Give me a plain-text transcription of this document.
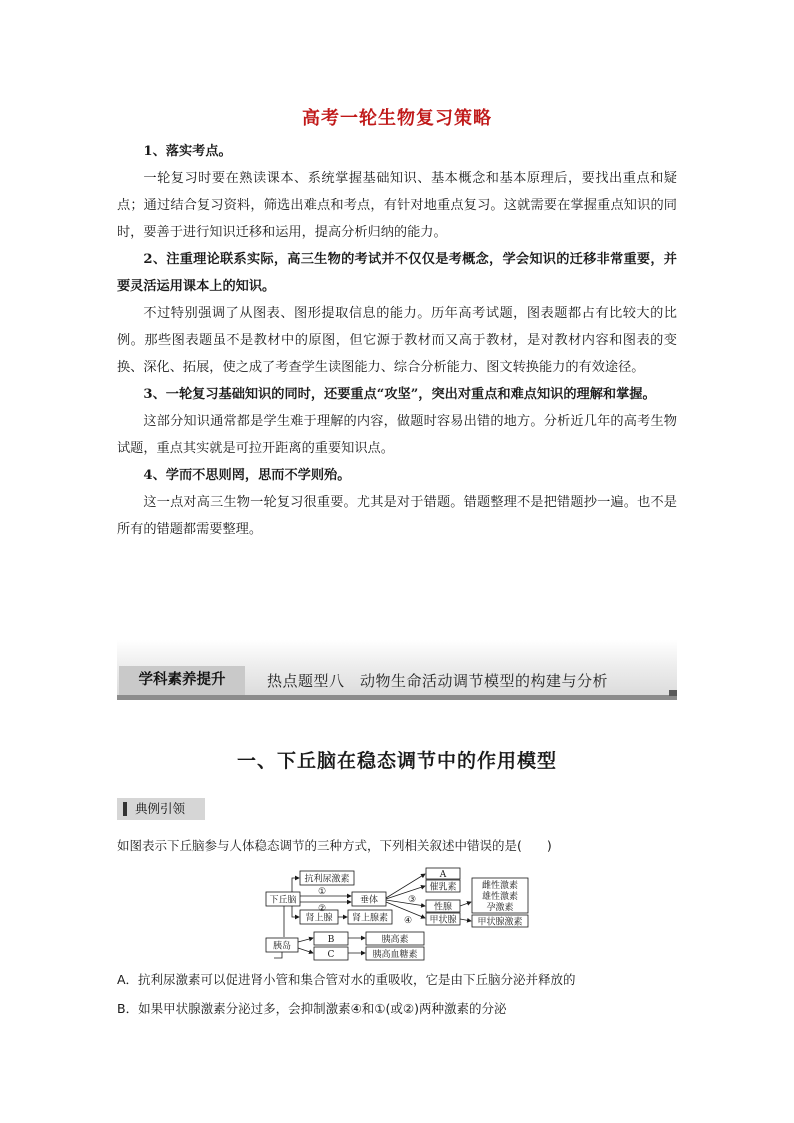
高考一轮生物复习策略

1、落实考点。

一轮复习时要在熟读课本、系统掌握基础知识、基本概念和基本原理后，要找出重点和疑点；通过结合复习资料，筛选出难点和考点，有针对地重点复习。这就需要在掌握重点知识的同时，要善于进行知识迁移和运用，提高分析归纳的能力。

2、注重理论联系实际，高三生物的考试并不仅仅是考概念，学会知识的迁移非常重要，并要灵活运用课本上的知识。

不过特别强调了从图表、图形提取信息的能力。历年高考试题，图表题都占有比较大的比例。那些图表题虽不是教材中的原图，但它源于教材而又高于教材，是对教材内容和图表的变换、深化、拓展，使之成了考查学生读图能力、综合分析能力、图文转换能力的有效途径。

3、一轮复习基础知识的同时，还要重点“攻坚”，突出对重点和难点知识的理解和掌握。

这部分知识通常都是学生难于理解的内容，做题时容易出错的地方。分析近几年的高考生物试题，重点其实就是可拉开距离的重要知识点。

4、学而不思则罔，思而不学则殆。

这一点对高三生物一轮复习很重要。尤其是对于错题。错题整理不是把错题抄一遍。也不是所有的错题都需要整理。

学科素养提升	热点题型八　动物生命活动调节模型的构建与分析
一、下丘脑在稳态调节中的作用模型
典例引领
如图表示下丘脑参与人体稳态调节的三种方式，下列相关叙述中错误的是(　　)
下丘脑
抗利尿激素
肾上腺 肾上腺素
垂体
①
②
③
④
A
催乳素
性腺
甲状腺
雌性激素
雄性激素
孕激素
甲状腺激素
胰岛
B
C
胰高素
胰高血糖素
A．抗利尿激素可以促进肾小管和集合管对水的重吸收，它是由下丘脑分泌并释放的
B．如果甲状腺激素分泌过多，会抑制激素④和①(或②)两种激素的分泌
